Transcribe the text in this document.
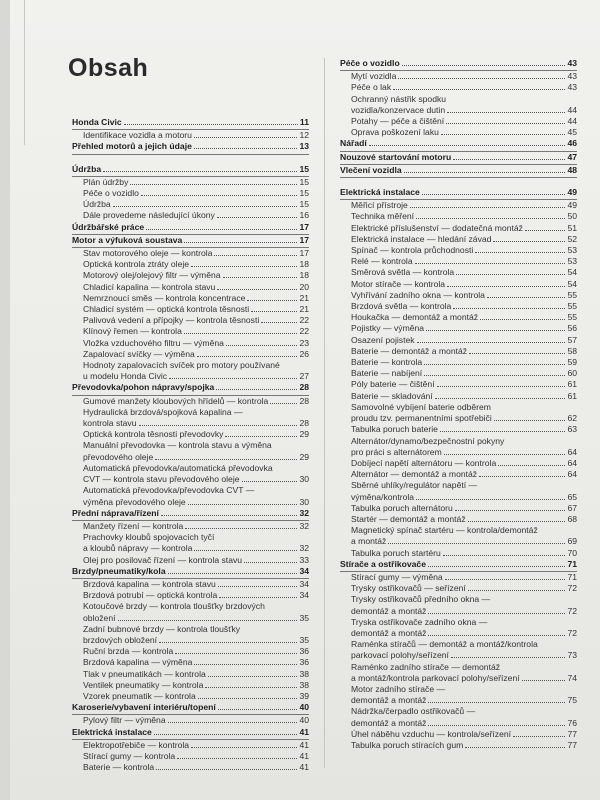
Obsah
Honda Civic	11
Identifikace vozidla a motoru	12
Přehled motorů a jejich údaje	13
Údržba	15
Plán údržby	15
Péče o vozidlo	15
Údržba	15
Dále provedeme následující úkony	16
Údržbářské práce	17
Motor a výfuková soustava	17
Stav motorového oleje — kontrola	17
Optická kontrola ztráty oleje	18
Motorový olej/olejový filtr — výměna	18
Chladicí kapalina — kontrola stavu	20
Nemrznoucí směs — kontrola koncentrace	21
Chladicí systém — optická kontrola těsnosti	21
Palivová vedení a přípojky — kontrola těsnosti	22
Klínový řemen — kontrola	22
Vložka vzduchového filtru — výměna	23
Zapalovací svíčky — výměna	26
Hodnoty zapalovacích svíček pro motory používané
u modelu Honda Civic	27
Převodovka/pohon nápravy/spojka	28
Gumové manžety kloubových hřídelů — kontrola	28
Hydraulická brzdová/spojková kapalina —
kontrola stavu	28
Optická kontrola těsnosti převodovky	29
Manuální převodovka — kontrola stavu a výměna
převodového oleje	29
Automatická převodovka/automatická převodovka
CVT — kontrola stavu převodového oleje	30
Automatická převodovka/převodovka CVT —
výměna převodového oleje	30
Přední náprava/řízení	32
Manžety řízení — kontrola	32
Prachovky kloubů spojovacích tyčí
a kloubů nápravy — kontrola	32
Olej pro posilovač řízení — kontrola stavu	33
Brzdy/pneumatiky/kola	34
Brzdová kapalina — kontrola stavu	34
Brzdová potrubí — optická kontrola	34
Kotoučové brzdy — kontrola tloušťky brzdových
obložení	35
Zadní bubnové brzdy — kontrola tloušťky
brzdových obložení	35
Ruční brzda — kontrola	36
Brzdová kapalina — výměna	36
Tlak v pneumatikách — kontrola	38
Ventilek pneumatiky — kontrola	38
Vzorek pneumatik — kontrola	39
Karoserie/vybavení interiéru/topení	40
Pylový filtr — výměna	40
Elektrická instalace	41
Elektropotřebiče — kontrola	41
Stírací gumy — kontrola	41
Baterie — kontrola	41
Péče o vozidlo	43
Mytí vozidla	43
Péče o lak	43
Ochranný nástřik spodku
vozidla/konzervace dutin	44
Potahy — péče a čištění	44
Oprava poškození laku	45
Nářadí	46
Nouzové startování motoru	47
Vlečení vozidla	48
Elektrická instalace	49
Měřicí přístroje	49
Technika měření	50
Elektrické příslušenství — dodatečná montáž	51
Elektrická instalace — hledání závad	52
Spínač — kontrola průchodnosti	53
Relé — kontrola	53
Směrová světla — kontrola	54
Motor stírače — kontrola	54
Vyhřívání zadního okna — kontrola	55
Brzdová světla — kontrola	55
Houkačka — demontáž a montáž	55
Pojistky — výměna	56
Osazení pojistek	57
Baterie — demontáž a montáž	58
Baterie — kontrola	59
Baterie — nabíjení	60
Póly baterie — čištění	61
Baterie — skladování	61
Samovolné vybíjení baterie odběrem
proudu tzv. permanentními spotřebiči	62
Tabulka poruch baterie	63
Alternátor/dynamo/bezpečnostní pokyny
pro práci s alternátorem	64
Dobíjecí napětí alternátoru — kontrola	64
Alternátor — demontáž a montáž	64
Sběrné uhlíky/regulátor napětí —
výměna/kontrola	65
Tabulka poruch alternátoru	67
Startér — demontáž a montáž	68
Magnetický spínač startéru — kontrola/demontáž
a montáž	69
Tabulka poruch startéru	70
Stírače a ostřikovače	71
Stírací gumy — výměna	71
Trysky ostřikovačů — seřízení	72
Trysky ostřikovačů předního okna —
demontáž a montáž	72
Tryska ostřikovače zadního okna —
demontáž a montáž	72
Raménka stíračů — demontáž a montáž/kontrola
parkovací polohy/seřízení	73
Raménko zadního stírače — demontáž
a montáž/kontrola parkovací polohy/seřízení	74
Motor zadního stírače —
demontáž a montáž	75
Nádržka/čerpadlo ostřikovačů —
demontáž a montáž	76
Úhel náběhu vzduchu — kontrola/seřízení	77
Tabulka poruch stíracích gum	77
